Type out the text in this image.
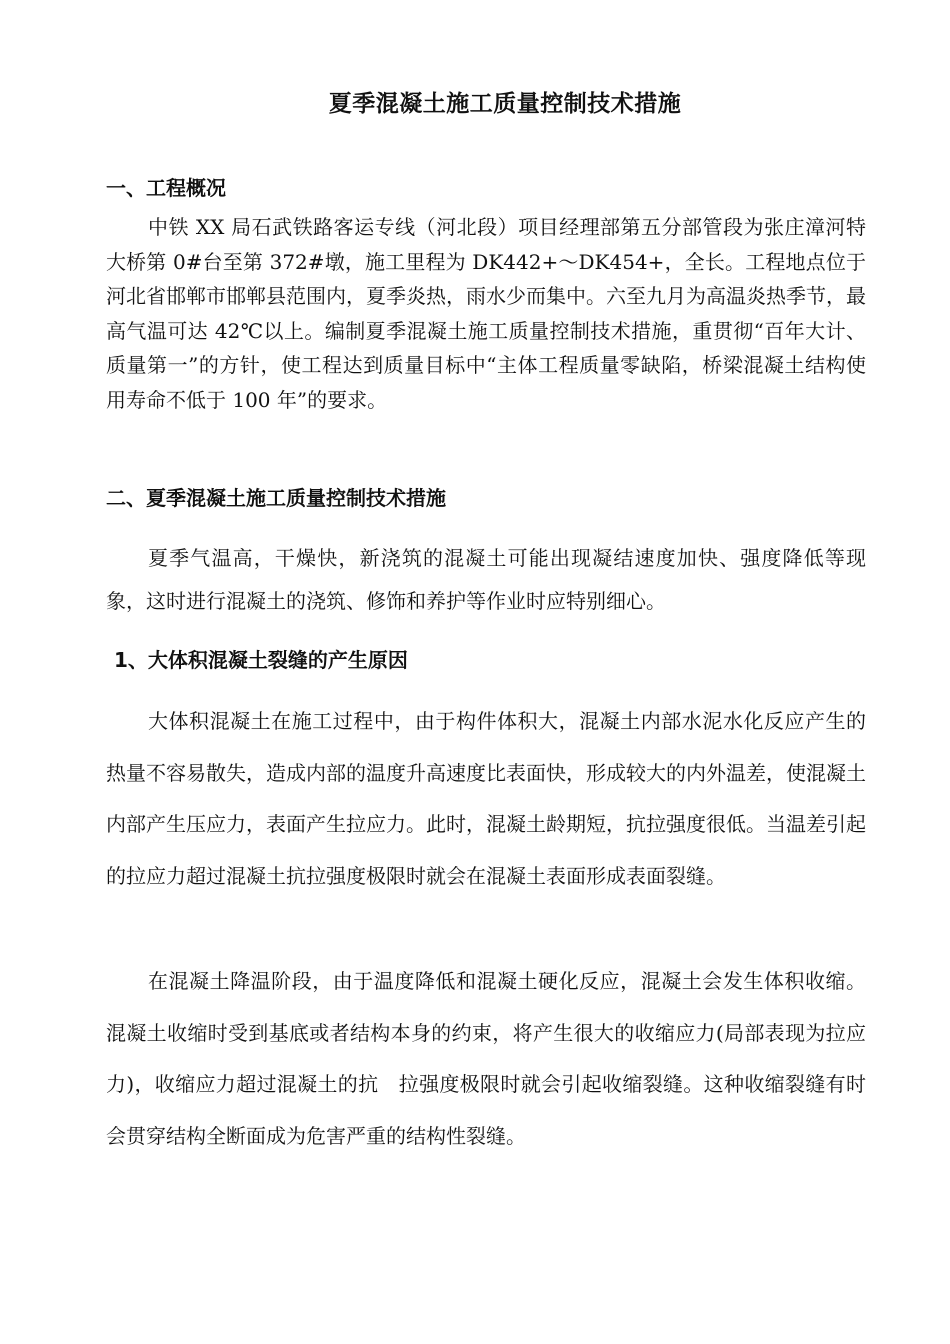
夏季混凝土施工质量控制技术措施
一、工程概况

中铁 XX 局石武铁路客运专线（河北段）项目经理部第五分部管段为张庄漳河特大桥第 0#台至第 372#墩，施工里程为 DK442+～DK454+，全长。工程地点位于河北省邯郸市邯郸县范围内，夏季炎热，雨水少而集中。六至九月为高温炎热季节，最高气温可达 42℃以上。编制夏季混凝土施工质量控制技术措施，重贯彻“百年大计、质量第一”的方针，使工程达到质量目标中“主体工程质量零缺陷，桥梁混凝土结构使用寿命不低于 100 年”的要求。

二、夏季混凝土施工质量控制技术措施

夏季气温高，干燥快，新浇筑的混凝土可能出现凝结速度加快、强度降低等现象，这时进行混凝土的浇筑、修饰和养护等作业时应特别细心。

1、大体积混凝土裂缝的产生原因

大体积混凝土在施工过程中，由于构件体积大，混凝土内部水泥水化反应产生的热量不容易散失，造成内部的温度升高速度比表面快，形成较大的内外温差，使混凝土内部产生压应力，表面产生拉应力。此时，混凝土龄期短，抗拉强度很低。当温差引起的拉应力超过混凝土抗拉强度极限时就会在混凝土表面形成表面裂缝。

在混凝土降温阶段，由于温度降低和混凝土硬化反应，混凝土会发生体积收缩。混凝土收缩时受到基底或者结构本身的约束，将产生很大的收缩应力(局部表现为拉应力)，收缩应力超过混凝土的抗　拉强度极限时就会引起收缩裂缝。这种收缩裂缝有时会贯穿结构全断面成为危害严重的结构性裂缝。
